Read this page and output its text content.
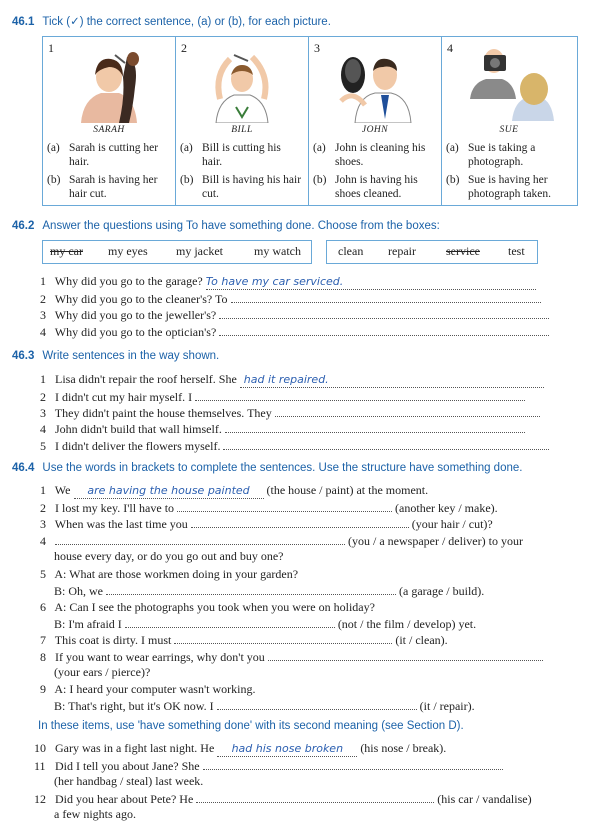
46.1 Tick (✓) the correct sentence, (a) or (b), for each picture.
1
SARAH
(a) Sarah is cutting her hair.
(b) Sarah is having her hair cut.
2
BILL
(a) Bill is cutting his hair.
(b) Bill is having his hair cut.
3
JOHN
(a) John is cleaning his shoes.
(b) John is having his shoes cleaned.
4
SUE
(a) Sue is taking a photograph.
(b) Sue is having her photograph taken.
46.2 Answer the questions using To have something done. Choose from the boxes:
my car my eyes my jacket	my watch	clean repair	service test
1 Why did you go to the garage? To have my car serviced.
2 Why did you go to the cleaner's? To
3 Why did you go to the jeweller's?
4 Why did you go to the optician's?
46.3 Write sentences in the way shown.
1 Lisa didn't repair the roof herself. She had it repaired.
2 I didn't cut my hair myself. I
3 They didn't paint the house themselves. They
4 John didn't build that wall himself.
5 I didn't deliver the flowers myself.
46.4 Use the words in brackets to complete the sentences. Use the structure have something done.
1 We are having the house painted (the house / paint) at the moment.
2 I lost my key. I'll have to	(another key / make).
3 When was the last time you	(your hair / cut)?
4	(you / a newspaper / deliver) to your
house every day, or do you go out and buy one?
5 A: What are those workmen doing in your garden?
B: Oh, we	(a garage / build).
6 A: Can I see the photographs you took when you were on holiday?
B: I'm afraid I	(not / the film / develop) yet.
7 This coat is dirty. I must	(it / clean).
8 If you want to wear earrings, why don't you
(your ears / pierce)?
9 A: I heard your computer wasn't working.
B: That's right, but it's OK now. I	(it / repair).
In these items, use 'have something done' with its second meaning (see Section D).
10 Gary was in a fight last night. He had his nose broken (his nose / break).
11 Did I tell you about Jane? She
(her handbag / steal) last week.
12 Did you hear about Pete? He	(his car / vandalise)
a few nights ago.
